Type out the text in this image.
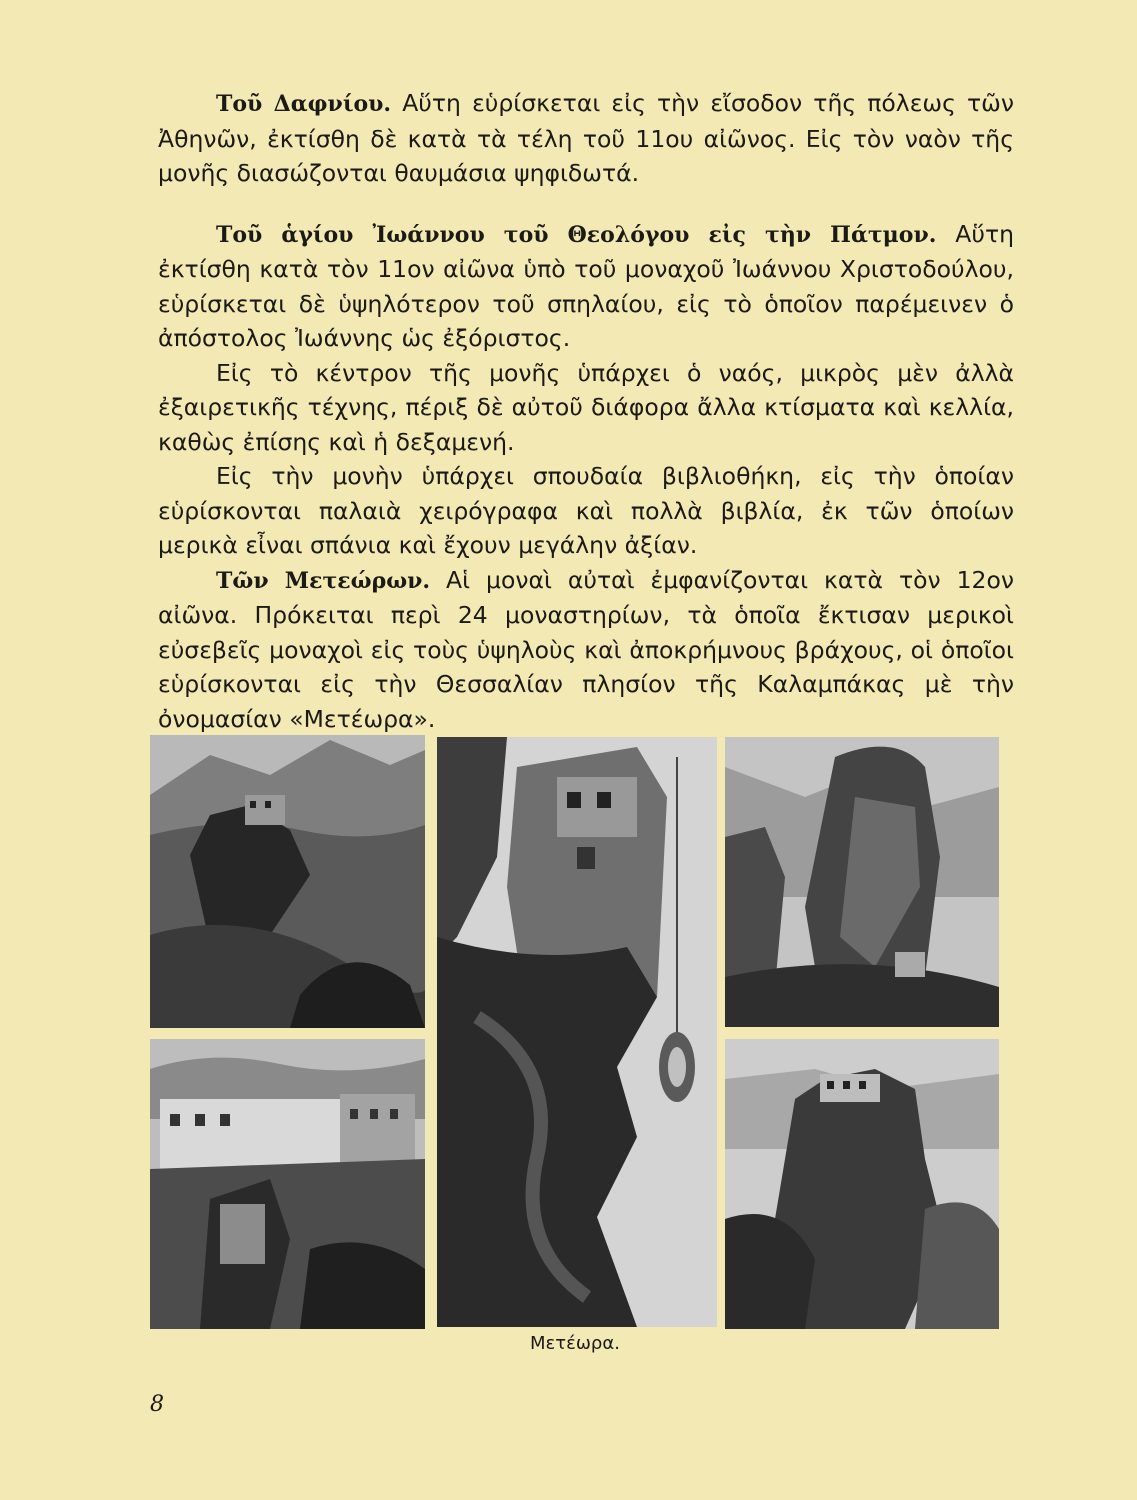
Τοῦ Δαφνίου. Αὕτη εὑρίσκεται εἰς τὴν εἴσοδον τῆς πόλεως τῶν Ἀθηνῶν, ἐκτίσθη δὲ κατὰ τὰ τέλη τοῦ 11ου αἰῶνος. Εἰς τὸν ναὸν τῆς μονῆς διασώζονται θαυμάσια ψηφιδωτά.

Τοῦ ἁγίου Ἰωάννου τοῦ Θεολόγου εἰς τὴν Πάτμον. Αὕτη ἐκτίσθη κατὰ τὸν 11ον αἰῶνα ὑπὸ τοῦ μοναχοῦ Ἰωάννου Χριστοδούλου, εὑρίσκεται δὲ ὑψηλότερον τοῦ σπηλαίου, εἰς τὸ ὁποῖον παρέμεινεν ὁ ἀπόστολος Ἰωάννης ὡς ἐξόριστος.

Εἰς τὸ κέντρον τῆς μονῆς ὑπάρχει ὁ ναός, μικρὸς μὲν ἀλλὰ ἐξαιρετικῆς τέχνης, πέριξ δὲ αὐτοῦ διάφορα ἄλλα κτίσματα καὶ κελλία, καθὼς ἐπίσης καὶ ἡ δεξαμενή.

Εἰς τὴν μονὴν ὑπάρχει σπουδαία βιβλιοθήκη, εἰς τὴν ὁποίαν εὑρίσκονται παλαιὰ χειρόγραφα καὶ πολλὰ βιβλία, ἐκ τῶν ὁποίων μερικὰ εἶναι σπάνια καὶ ἔχουν μεγάλην ἀξίαν.

Τῶν Μετεώρων. Αἱ μοναὶ αὐταὶ ἐμφανίζονται κατὰ τὸν 12ον αἰῶνα. Πρόκειται περὶ 24 μοναστηρίων, τὰ ὁποῖα ἔκτισαν μερικοὶ εὐσεβεῖς μοναχοὶ εἰς τοὺς ὑψηλοὺς καὶ ἀποκρήμνους βράχους, οἱ ὁποῖοι εὑρίσκονται εἰς τὴν Θεσσαλίαν πλησίον τῆς Καλαμπάκας μὲ τὴν ὀνομασίαν «Μετέωρα».

Μετέωρα.
8
